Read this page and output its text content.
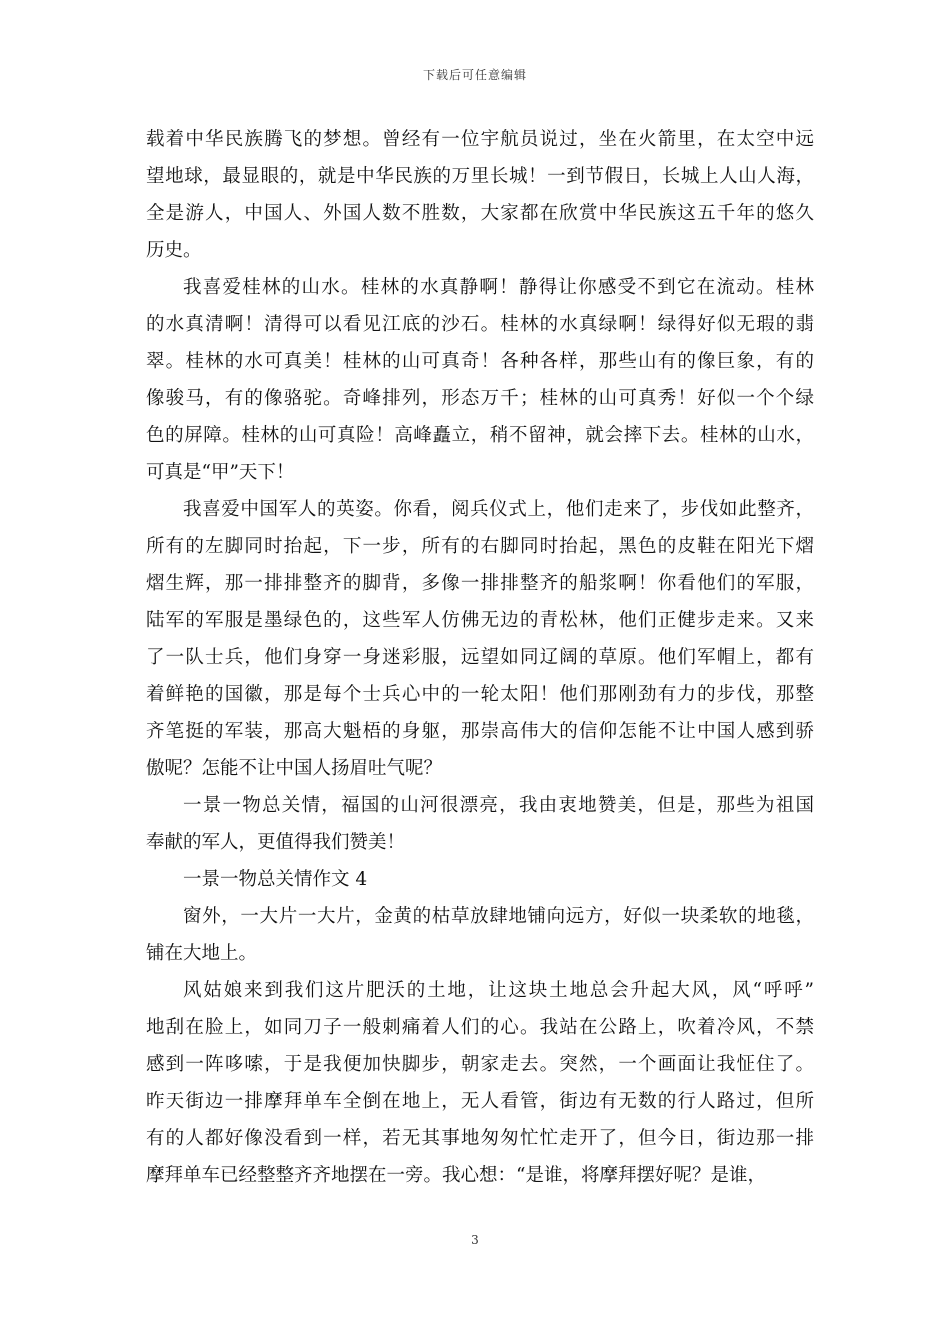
下载后可任意编辑
载着中华民族腾飞的梦想。曾经有一位宇航员说过，坐在火箭里，在太空中远
望地球，最显眼的，就是中华民族的万里长城！一到节假日，长城上人山人海，
全是游人，中国人、外国人数不胜数，大家都在欣赏中华民族这五千年的悠久
历史。
我喜爱桂林的山水。桂林的水真静啊！静得让你感受不到它在流动。桂林
的水真清啊！清得可以看见江底的沙石。桂林的水真绿啊！绿得好似无瑕的翡
翠。桂林的水可真美！桂林的山可真奇！各种各样，那些山有的像巨象，有的
像骏马，有的像骆驼。奇峰排列，形态万千；桂林的山可真秀！好似一个个绿
色的屏障。桂林的山可真险！高峰矗立，稍不留神，就会摔下去。桂林的山水，
可真是“甲”天下！
我喜爱中国军人的英姿。你看，阅兵仪式上，他们走来了，步伐如此整齐，
所有的左脚同时抬起，下一步，所有的右脚同时抬起，黑色的皮鞋在阳光下熠
熠生辉，那一排排整齐的脚背，多像一排排整齐的船浆啊！你看他们的军服，
陆军的军服是墨绿色的，这些军人仿佛无边的青松林，他们正健步走来。又来
了一队士兵，他们身穿一身迷彩服，远望如同辽阔的草原。他们军帽上，都有
着鲜艳的国徽，那是每个士兵心中的一轮太阳！他们那刚劲有力的步伐，那整
齐笔挺的军装，那高大魁梧的身躯，那崇高伟大的信仰怎能不让中国人感到骄
傲呢？怎能不让中国人扬眉吐气呢？
一景一物总关情，福国的山河很漂亮，我由衷地赞美，但是，那些为祖国
奉献的军人，更值得我们赞美！
一景一物总关情作文 4
窗外，一大片一大片，金黄的枯草放肆地铺向远方，好似一块柔软的地毯，
铺在大地上。
风姑娘来到我们这片肥沃的土地，让这块土地总会升起大风，风“呼呼”
地刮在脸上，如同刀子一般刺痛着人们的心。我站在公路上，吹着冷风，不禁
感到一阵哆嗦，于是我便加快脚步，朝家走去。突然，一个画面让我怔住了。
昨天街边一排摩拜单车全倒在地上，无人看管，街边有无数的行人路过，但所
有的人都好像没看到一样，若无其事地匆匆忙忙走开了，但今日，街边那一排
摩拜单车已经整整齐齐地摆在一旁。我心想：“是谁，将摩拜摆好呢？是谁，
3
